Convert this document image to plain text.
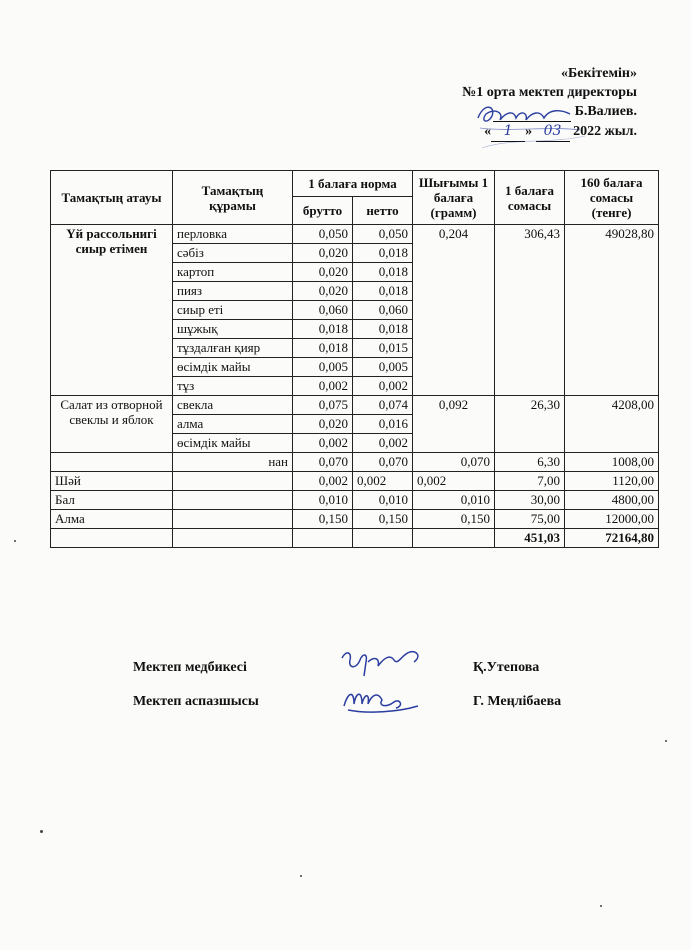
«Бекітемін»
№1 орта мектеп директоры
Б.Валиев.
« 1 » 03 2022 жыл.
Тамақтың атауы	Тамақтың құрамы	1 балаға норма		Шығымы 1 балаға (грамм)	1 балаға сомасы	160 балаға сомасы (тенге)
		брутто	нетто			
Үй рассольнигі сиыр етімен	перловка	0,050	0,050	0,204	306,43	49028,80
	сәбіз	0,020	0,018			
	картоп	0,020	0,018			
	пияз	0,020	0,018			
	сиыр еті	0,060	0,060			
	шұжық	0,018	0,018			
	тұздалған қияр	0,018	0,015			
	өсімдік майы	0,005	0,005			
	тұз	0,002	0,002			
Салат из отворной свеклы и яблок	свекла	0,075	0,074	0,092	26,30	4208,00
	алма	0,020	0,016			
	өсімдік майы	0,002	0,002			
	нан	0,070	0,070	0,070	6,30	1008,00
Шәй		0,002	0,002	0,002	7,00	1120,00
Бал		0,010	0,010	0,010	30,00	4800,00
Алма		0,150	0,150	0,150	75,00	12000,00
					451,03	72164,80
Мектеп медбикесі	Қ.Утепова
Мектеп аспазшысы	Г. Меңлібаева
